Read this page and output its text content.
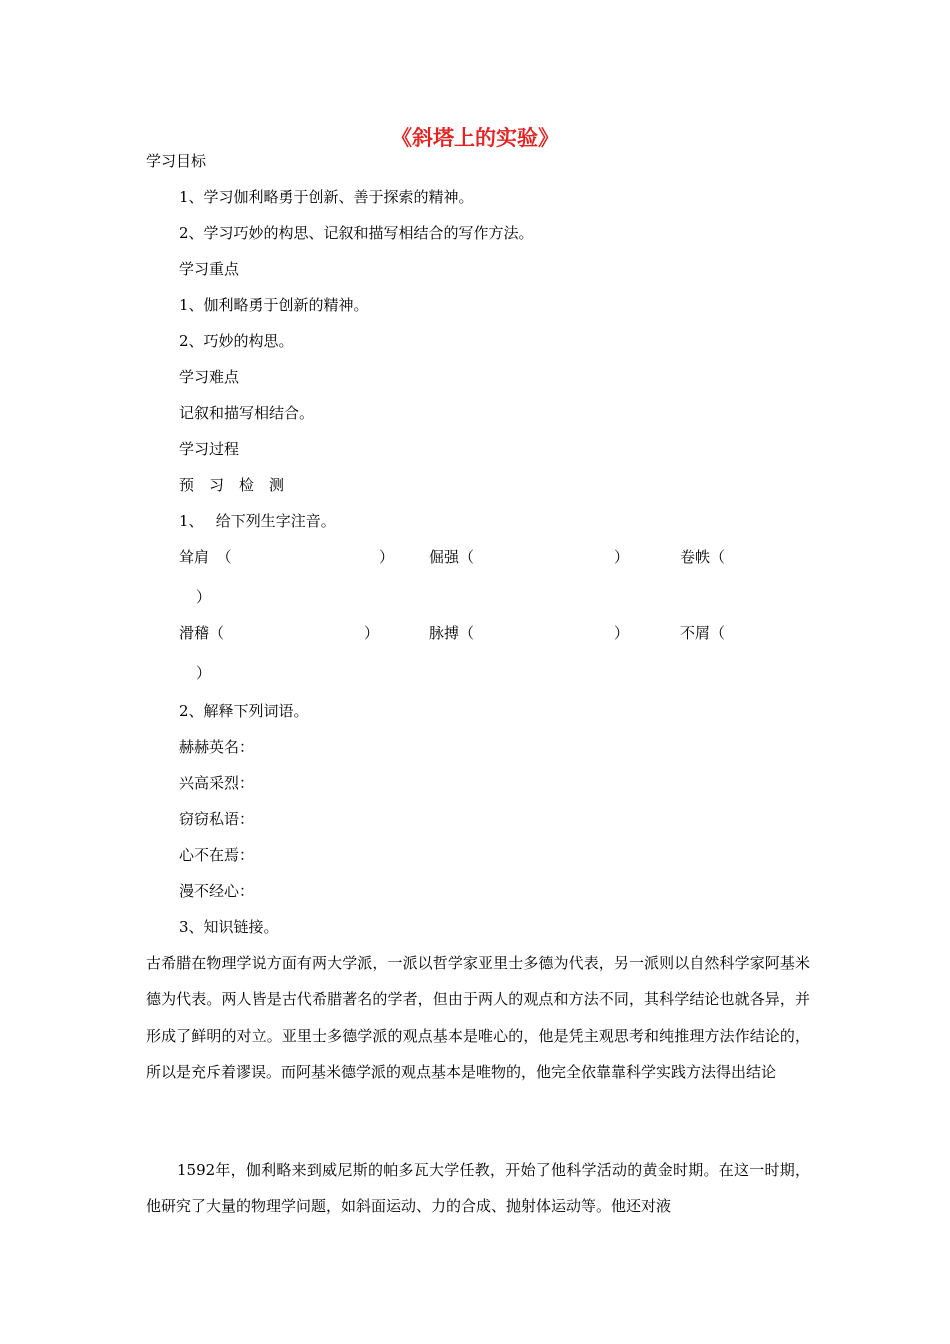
《斜塔上的实验》
学习目标
1、学习伽利略勇于创新、善于探索的精神。
2、学习巧妙的构思、记叙和描写相结合的写作方法。
学习重点
1、伽利略勇于创新的精神。
2、巧妙的构思。
学习难点
记叙和描写相结合。
学习过程
预　习　检　测
1、　 给下列生字注音。
耸肩　（	） 倔强（	）	卷帙（
）
滑稽（	）	脉搏（	）	不屑（
）
2、解释下列词语。
赫赫英名：
兴高采烈：
窃窃私语：
心不在焉：
漫不经心：
3、知识链接。
古希腊在物理学说方面有两大学派，一派以哲学家亚里士多德为代表，另一派则以自然科学家阿基米德为代表。两人皆是古代希腊著名的学者，但由于两人的观点和方法不同，其科学结论也就各异，并形成了鲜明的对立。亚里士多德学派的观点基本是唯心的，他是凭主观思考和纯推理方法作结论的，所以是充斥着谬误。而阿基米德学派的观点基本是唯物的，他完全依靠靠科学实践方法得出结论
1592年，伽利略来到威尼斯的帕多瓦大学任教，开始了他科学活动的黄金时期。在这一时期，他研究了大量的物理学问题，如斜面运动、力的合成、抛射体运动等。他还对液
